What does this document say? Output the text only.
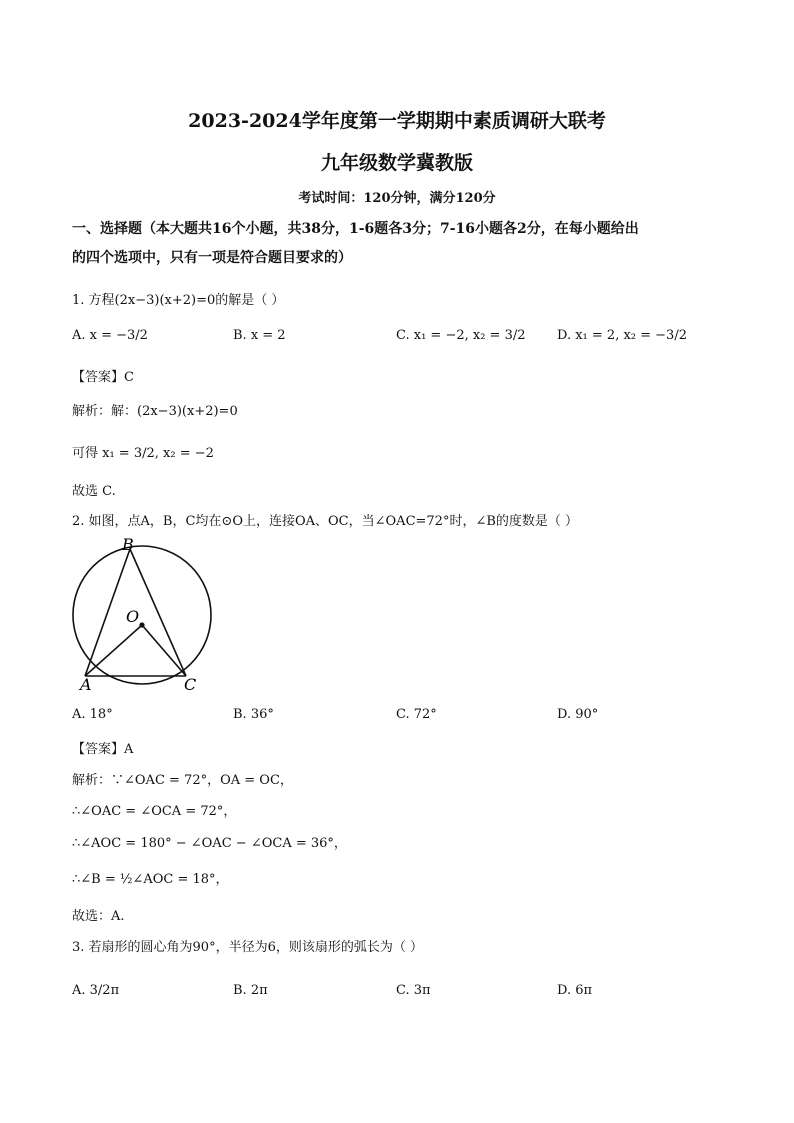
2023-2024学年度第一学期期中素质调研大联考
九年级数学冀教版
考试时间：120分钟，满分120分
一、选择题（本大题共16个小题，共38分，1-6题各3分；7-16小题各2分，在每小题给出
的四个选项中，只有一项是符合题目要求的）
1. 方程(2x−3)(x+2)=0的解是（ ）
A. x = −3/2	B. x = 2	C. x₁ = −2, x₂ = 3/2 D. x₁ = 2, x₂ = −3/2
【答案】C
解析：解：(2x−3)(x+2)=0
可得 x₁ = 3/2, x₂ = −2
故选 C.
2. 如图，点A，B，C均在⊙O上，连接OA、OC，当∠OAC=72°时，∠B的度数是（ ）
B
O
A	C
A. 18°	B. 36°	C. 72°	D. 90°
【答案】A
解析：∵∠OAC = 72°，OA = OC，
∴∠OAC = ∠OCA = 72°，
∴∠AOC = 180° − ∠OAC − ∠OCA = 36°，
∴∠B = ½∠AOC = 18°，
故选：A.
3. 若扇形的圆心角为90°，半径为6，则该扇形的弧长为（ ）
A. 3/2π	B. 2π	C. 3π	D. 6π
